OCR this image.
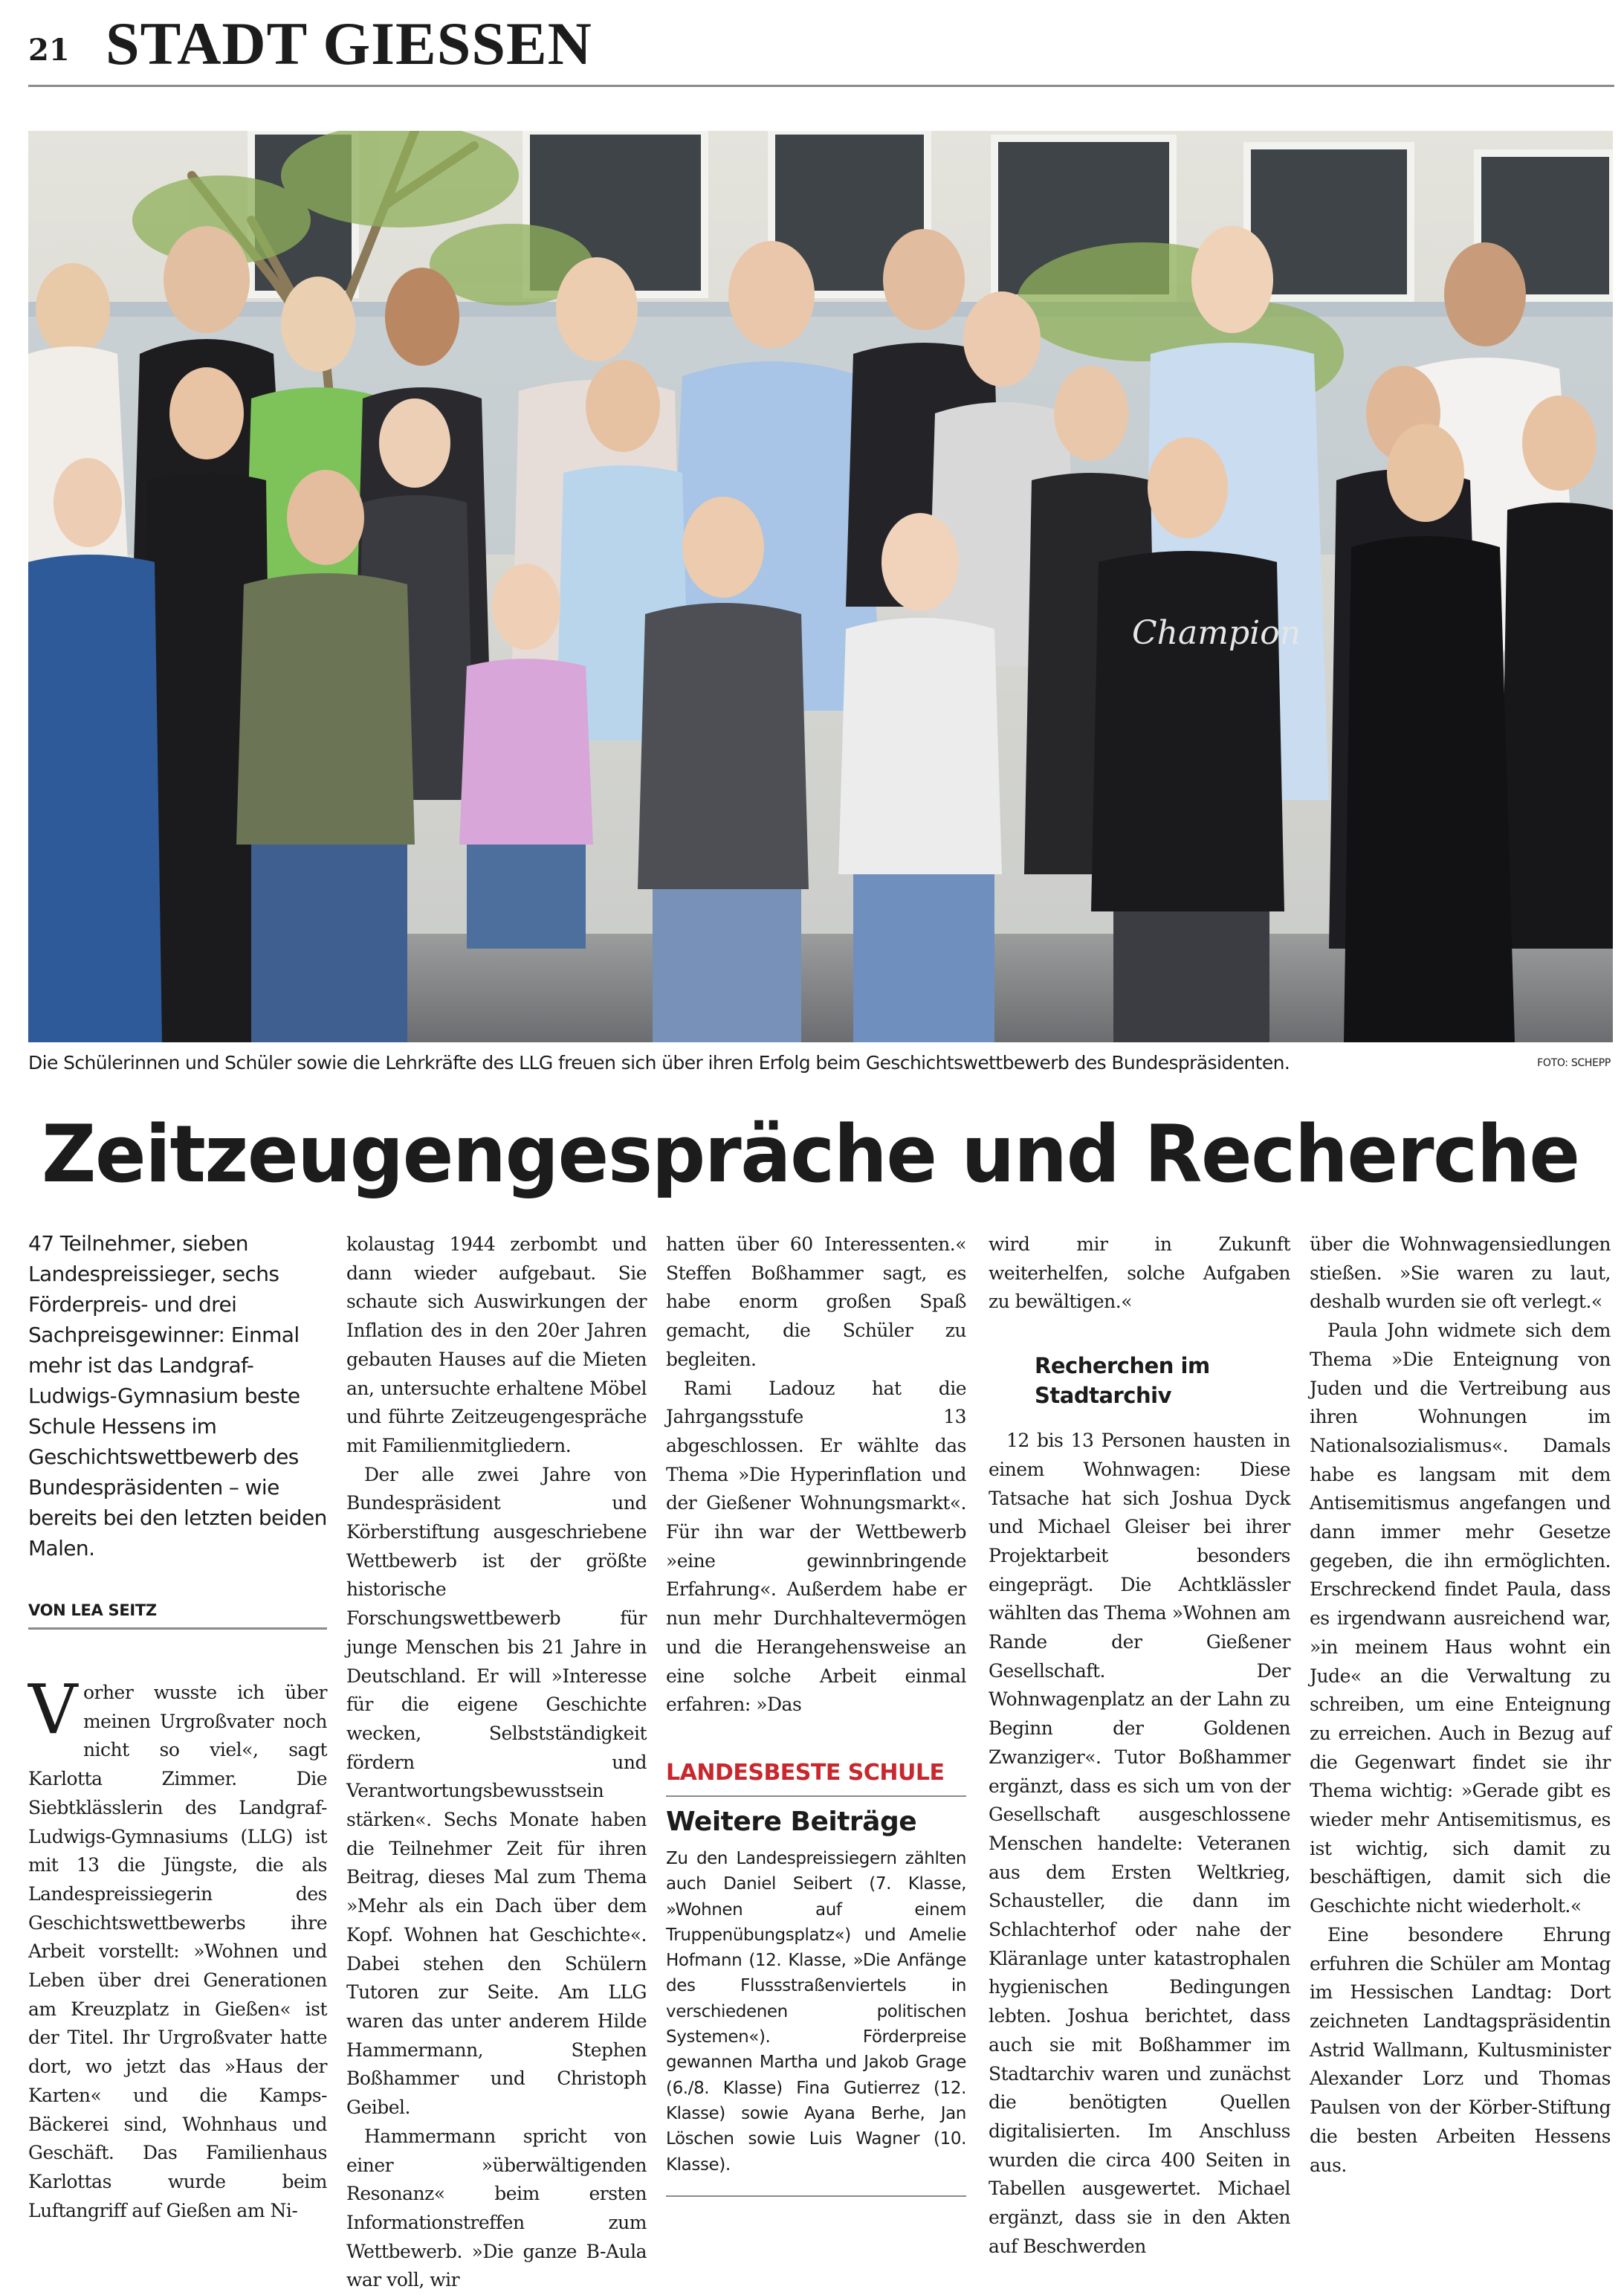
21 STADT GIESSEN
Champion
Die Schülerinnen und Schüler sowie die Lehrkräfte des LLG freuen sich über ihren Erfolg beim Geschichtswettbewerb des Bundespräsidenten.	FOTO: SCHEPP
Zeitzeugengespräche und Recherche
47 Teilnehmer, sieben Landespreissieger, sechs Förderpreis- und drei Sachpreisgewinner: Einmal mehr ist das Landgraf-Ludwigs-Gymnasium beste Schule Hessens im Geschichtswettbewerb des Bundespräsidenten – wie bereits bei den letzten beiden Malen.
VON LEA SEITZ

Vorher wusste ich über meinen Urgroßvater noch nicht so viel«, sagt Karlotta Zimmer. Die Siebtklässlerin des Landgraf-Ludwigs-Gymnasiums (LLG) ist mit 13 die Jüngste, die als Landespreissiegerin des Geschichtswettbewerbs ihre Arbeit vorstellt: »Wohnen und Leben über drei Generationen am Kreuzplatz in Gießen« ist der Titel. Ihr Urgroßvater hatte dort, wo jetzt das »Haus der Karten« und die Kamps-Bäckerei sind, Wohnhaus und Geschäft. Das Familienhaus Karlottas wurde beim Luftangriff auf Gießen am Ni-

kolaustag 1944 zerbombt und dann wieder aufgebaut. Sie schaute sich Auswirkungen der Inflation des in den 20er Jahren gebauten Hauses auf die Mieten an, untersuchte erhaltene Möbel und führte Zeitzeugengespräche mit Familienmitgliedern.

Der alle zwei Jahre von Bundespräsident und Körberstiftung ausgeschriebene Wettbewerb ist der größte historische Forschungswettbewerb für junge Menschen bis 21 Jahre in Deutschland. Er will »Interesse für die eigene Geschichte wecken, Selbstständigkeit fördern und Verantwortungsbewusstsein stärken«. Sechs Monate haben die Teilnehmer Zeit für ihren Beitrag, dieses Mal zum Thema »Mehr als ein Dach über dem Kopf. Wohnen hat Geschichte«. Dabei stehen den Schülern Tutoren zur Seite. Am LLG waren das unter anderem Hilde Hammermann, Stephen Boßhammer und Christoph Geibel.

Hammermann spricht von einer »überwältigenden Resonanz« beim ersten Informationstreffen zum Wettbewerb. »Die ganze B-Aula war voll, wir

hatten über 60 Interessenten.« Steffen Boßhammer sagt, es habe enorm großen Spaß gemacht, die Schüler zu begleiten.

Rami Ladouz hat die Jahrgangsstufe 13 abgeschlossen. Er wählte das Thema »Die Hyperinflation und der Gießener Wohnungsmarkt«. Für ihn war der Wettbewerb »eine gewinnbringende Erfahrung«. Außerdem habe er nun mehr Durchhaltevermögen und die Herangehensweise an eine solche Arbeit einmal erfahren: »Das

LANDESBESTE SCHULE
Weitere Beiträge
Zu den Landespreissiegern zählten auch Daniel Seibert (7. Klasse, »Wohnen auf einem Truppenübungsplatz«) und Amelie Hofmann (12. Klasse, »Die Anfänge des Flussstraßenviertels in verschiedenen politischen Systemen«). Förderpreise gewannen Martha und Jakob Grage (6./8. Klasse) Fina Gutierrez (12. Klasse) sowie Ayana Berhe, Jan Löschen sowie Luis Wagner (10. Klasse).

wird mir in Zukunft weiterhelfen, solche Aufgaben zu bewältigen.«

Recherchen im Stadtarchiv

12 bis 13 Personen hausten in einem Wohnwagen: Diese Tatsache hat sich Joshua Dyck und Michael Gleiser bei ihrer Projektarbeit besonders eingeprägt. Die Achtklässler wählten das Thema »Wohnen am Rande der Gießener Gesellschaft. Der Wohnwagenplatz an der Lahn zu Beginn der Goldenen Zwanziger«. Tutor Boßhammer ergänzt, dass es sich um von der Gesellschaft ausgeschlossene Menschen handelte: Veteranen aus dem Ersten Weltkrieg, Schausteller, die dann im Schlachterhof oder nahe der Kläranlage unter katastrophalen hygienischen Bedingungen lebten. Joshua berichtet, dass auch sie mit Boßhammer im Stadtarchiv waren und zunächst die benötigten Quellen digitalisierten. Im Anschluss wurden die circa 400 Seiten in Tabellen ausgewertet. Michael ergänzt, dass sie in den Akten auf Beschwerden

über die Wohnwagensiedlungen stießen. »Sie waren zu laut, deshalb wurden sie oft verlegt.«

Paula John widmete sich dem Thema »Die Enteignung von Juden und die Vertreibung aus ihren Wohnungen im Nationalsozialismus«. Damals habe es langsam mit dem Antisemitismus angefangen und dann immer mehr Gesetze gegeben, die ihn ermöglichten. Erschreckend findet Paula, dass es irgendwann ausreichend war, »in meinem Haus wohnt ein Jude« an die Verwaltung zu schreiben, um eine Enteignung zu erreichen. Auch in Bezug auf die Gegenwart findet sie ihr Thema wichtig: »Gerade gibt es wieder mehr Antisemitismus, es ist wichtig, sich damit zu beschäftigen, damit sich die Geschichte nicht wiederholt.«

Eine besondere Ehrung erfuhren die Schüler am Montag im Hessischen Landtag: Dort zeichneten Landtagspräsidentin Astrid Wallmann, Kultusminister Alexander Lorz und Thomas Paulsen von der Körber-Stiftung die besten Arbeiten Hessens aus.
